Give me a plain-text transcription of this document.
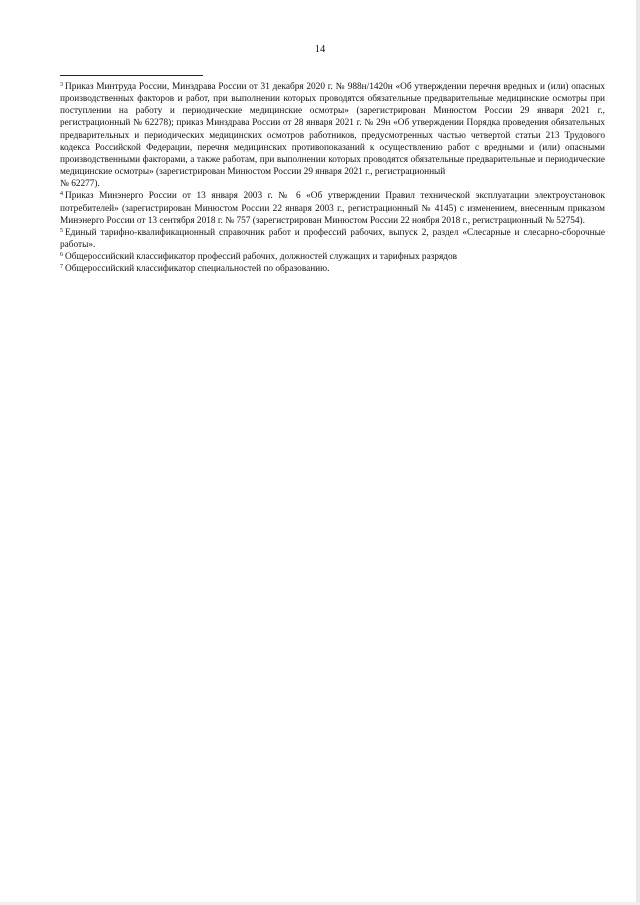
14

$^3$ Приказ Минтруда России, Минздрава России от 31 декабря 2020 г. № 988н/1420н «Об утверждении перечня вредных и (или) опасных производственных факторов и работ, при выполнении которых проводятся обязательные предварительные медицинские осмотры при поступлении на работу и периодические медицинские осмотры» (зарегистрирован Минюстом России 29 января 2021 г., регистрационный № 62278); приказ Минздрава России от 28 января 2021 г. № 29н «Об утверждении Порядка проведения обязательных предварительных и периодических медицинских осмотров работников, предусмотренных частью четвертой статьи 213 Трудового кодекса Российской Федерации, перечня медицинских противопоказаний к осуществлению работ с вредными и (или) опасными производственными факторами, а также работам, при выполнении которых проводятся обязательные предварительные и периодические медицинские осмотры» (зарегистрирован Минюстом России 29 января 2021 г., регистрационный
№ 62277).

$^4$ Приказ Минэнерго России от 13 января 2003 г. № 6 «Об утверждении Правил технической эксплуатации электроустановок потребителей» (зарегистрирован Минюстом России 22 января 2003 г., регистрационный № 4145) с изменением, внесенным приказом Минэнерго России от 13 сентября 2018 г. № 757 (зарегистрирован Минюстом России 22 ноября 2018 г., регистрационный № 52754).

$^5$ Единый тарифно-квалификационный справочник работ и профессий рабочих, выпуск 2, раздел «Слесарные и слесарно-сборочные работы».

$^6$ Общероссийский классификатор профессий рабочих, должностей служащих и тарифных разрядов

$^7$ Общероссийский классификатор специальностей по образованию.
